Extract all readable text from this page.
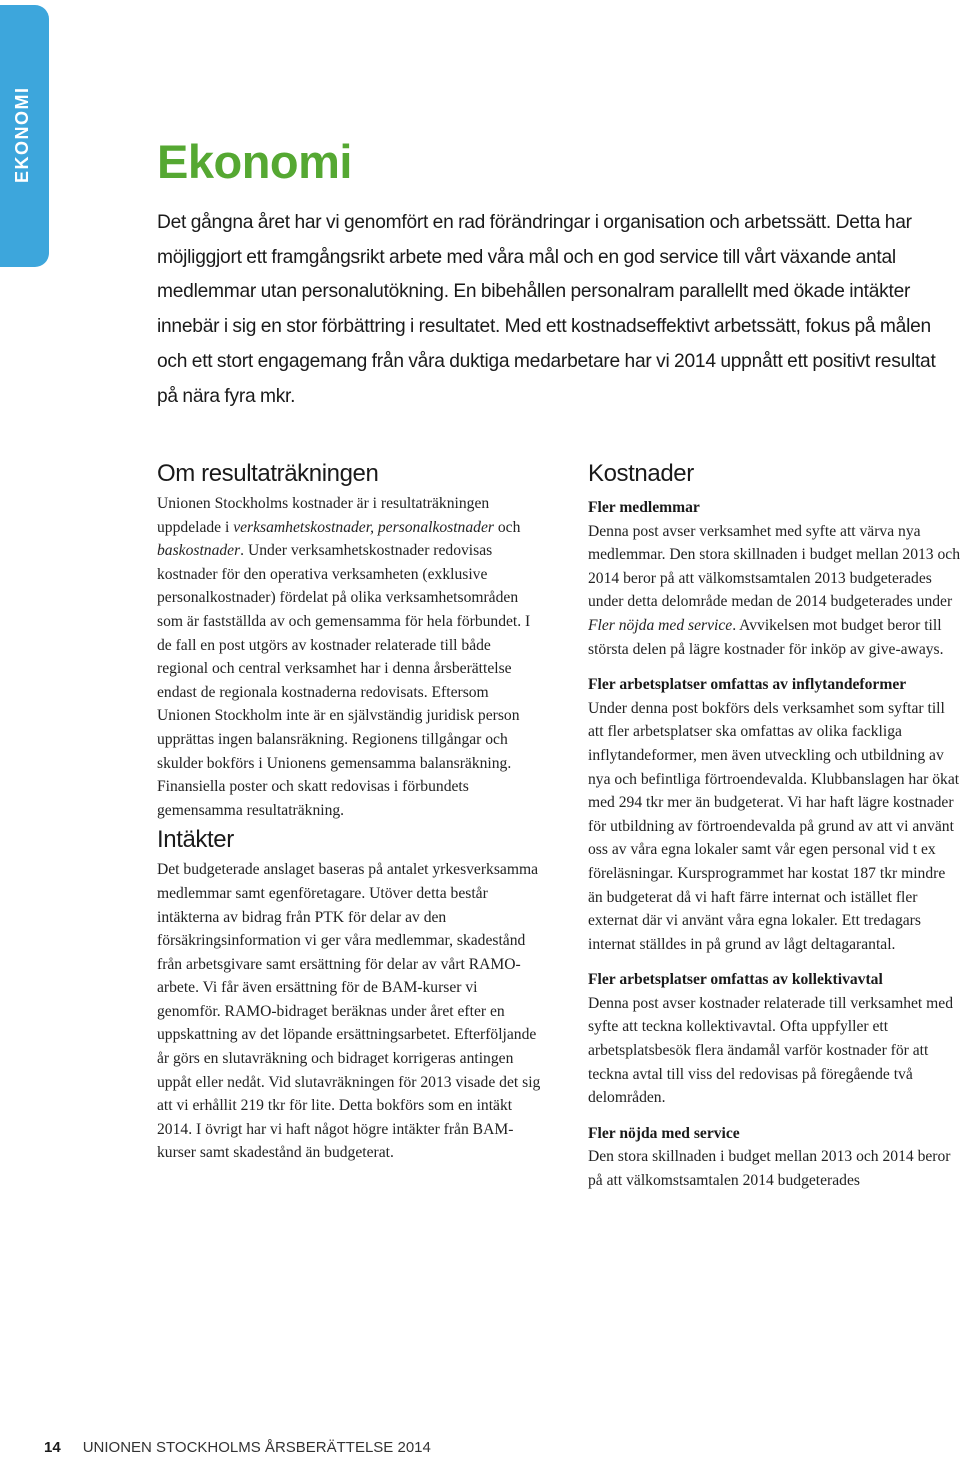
EKONOMI	Ekonomi

Det gångna året har vi genomfört en rad förändringar i organisation och arbetssätt. Detta har möjliggjort ett framgångsrikt arbete med våra mål och en god service till vårt växande antal medlemmar utan personalutökning. En bibehållen personalram parallellt med ökade intäkter innebär i sig en stor förbättring i resultatet. Med ett kostnadseffektivt arbetssätt, fokus på målen och ett stort engagemang från våra duktiga medarbetare har vi 2014 uppnått ett positivt resultat på nära fyra mkr.

Om resultaträkningen

Unionen Stockholms kostnader är i resultaträkningen uppdelade i verksamhetskostnader, personalkostnader och baskostnader. Under verksamhetskostnader redovisas kostnader för den operativa verksamheten (exklusive personalkostnader) fördelat på olika verksamhetsområden som är fastställda av och gemensamma för hela förbundet. I de fall en post utgörs av kostnader relaterade till både regional och central verksamhet har i denna årsberättelse endast de regionala kostnaderna redovisats. Eftersom Unionen Stockholm inte är en självständig juridisk person upprättas ingen balansräkning. Regionens tillgångar och skulder bokförs i Unionens gemensamma balansräkning. Finansiella poster och skatt redovisas i förbundets gemensamma resultaträkning.

Intäkter

Det budgeterade anslaget baseras på antalet yrkesverksamma medlemmar samt egenföretagare. Utöver detta består intäkterna av bidrag från PTK för delar av den försäkringsinformation vi ger våra medlemmar, skadestånd från arbetsgivare samt ersättning för delar av vårt RAMO-arbete. Vi får även ersättning för de BAM-kurser vi genomför. RAMO-bidraget beräknas under året efter en uppskattning av det löpande ersättningsarbetet. Efterföljande år görs en slutavräkning och bidraget korrigeras antingen uppåt eller nedåt. Vid slutavräkningen för 2013 visade det sig att vi erhållit 219 tkr för lite. Detta bokförs som en intäkt 2014. I övrigt har vi haft något högre intäkter från BAM-kurser samt skadestånd än budgeterat.

Kostnader

Fler medlemmar

Denna post avser verksamhet med syfte att värva nya medlemmar. Den stora skillnaden i budget mellan 2013 och 2014 beror på att välkomstsamtalen 2013 budgeterades under detta delområde medan de 2014 budgeterades under Fler nöjda med service. Avvikelsen mot budget beror till största delen på lägre kostnader för inköp av give-aways.

Fler arbetsplatser omfattas av inflytandeformer

Under denna post bokförs dels verksamhet som syftar till att fler arbetsplatser ska omfattas av olika fackliga inflytandeformer, men även utveckling och utbildning av nya och befintliga förtroendevalda. Klubbanslagen har ökat med 294 tkr mer än budgeterat. Vi har haft lägre kostnader för utbildning av förtroendevalda på grund av att vi använt oss av våra egna lokaler samt vår egen personal vid t ex föreläsningar. Kursprogrammet har kostat 187 tkr mindre än budgeterat då vi haft färre internat och istället fler externat där vi använt våra egna lokaler. Ett tredagars internat ställdes in på grund av lågt deltagarantal.

Fler arbetsplatser omfattas av kollektivavtal

Denna post avser kostnader relaterade till verksamhet med syfte att teckna kollektivavtal. Ofta uppfyller ett arbetsplatsbesök flera ändamål varför kostnader för att teckna avtal till viss del redovisas på föregående två delområden.

Fler nöjda med service

Den stora skillnaden i budget mellan 2013 och 2014 beror på att välkomstsamtalen 2014 budgeterades

14 UNIONEN STOCKHOLMS ÅRSBERÄTTELSE 2014
